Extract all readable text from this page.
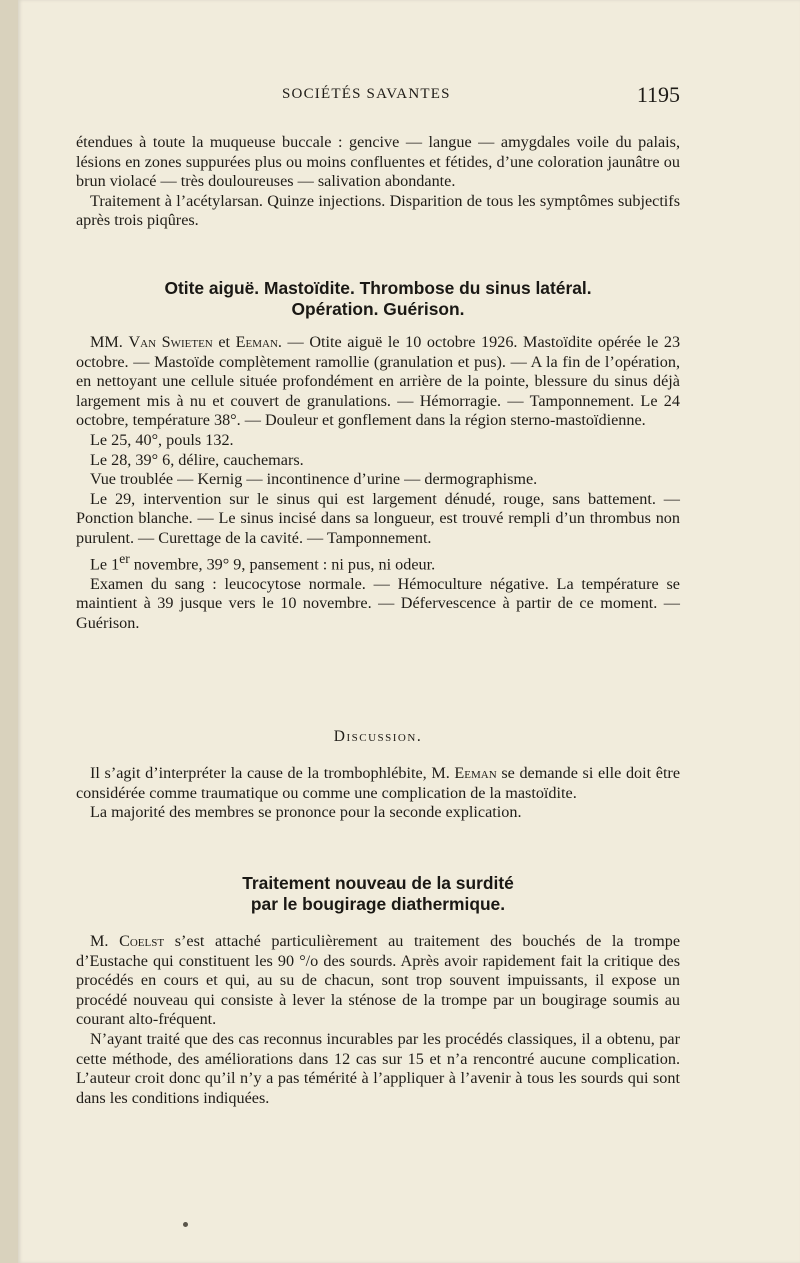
SOCIÉTÉS SAVANTES	1195

étendues à toute la muqueuse buccale : gencive — langue — amygdales voile du palais, lésions en zones suppurées plus ou moins confluentes et fétides, d’une coloration jaunâtre ou brun violacé — très douloureuses — salivation abondante.

Traitement à l’acétylarsan. Quinze injections. Disparition de tous les symptômes subjectifs après trois piqûres.

Otite aiguë. Mastoïdite. Thrombose du sinus latéral.
Opération. Guérison.

MM. Van Swieten et Eeman. — Otite aiguë le 10 octobre 1926. Mastoïdite opérée le 23 octobre. — Mastoïde complètement ramollie (granulation et pus). — A la fin de l’opération, en nettoyant une cellule située profondément en arrière de la pointe, blessure du sinus déjà largement mis à nu et couvert de granulations. — Hémorragie. — Tamponnement. Le 24 octobre, température 38°. — Douleur et gonflement dans la région sterno-mastoïdienne.

Le 25, 40°, pouls 132.

Le 28, 39° 6, délire, cauchemars.

Vue troublée — Kernig — incontinence d’urine — dermographisme.

Le 29, intervention sur le sinus qui est largement dénudé, rouge, sans battement. — Ponction blanche. — Le sinus incisé dans sa longueur, est trouvé rempli d’un thrombus non purulent. — Curettage de la cavité. — Tamponnement.

Le 1er novembre, 39° 9, pansement : ni pus, ni odeur.

Examen du sang : leucocytose normale. — Hémoculture négative. La température se maintient à 39 jusque vers le 10 novembre. — Défervescence à partir de ce moment. — Guérison.

Discussion.

Il s’agit d’interpréter la cause de la trombophlébite, M. Eeman se demande si elle doit être considérée comme traumatique ou comme une complication de la mastoïdite.

La majorité des membres se prononce pour la seconde explication.

Traitement nouveau de la surdité
par le bougirage diathermique.

M. Coelst s’est attaché particulièrement au traitement des bouchés de la trompe d’Eustache qui constituent les 90 °/o des sourds. Après avoir rapidement fait la critique des procédés en cours et qui, au su de chacun, sont trop souvent impuissants, il expose un procédé nouveau qui consiste à lever la sténose de la trompe par un bougirage soumis au courant alto-fréquent.

N’ayant traité que des cas reconnus incurables par les procédés classiques, il a obtenu, par cette méthode, des améliorations dans 12 cas sur 15 et n’a rencontré aucune complication. L’auteur croit donc qu’il n’y a pas témérité à l’appliquer à l’avenir à tous les sourds qui sont dans les conditions indiquées.
